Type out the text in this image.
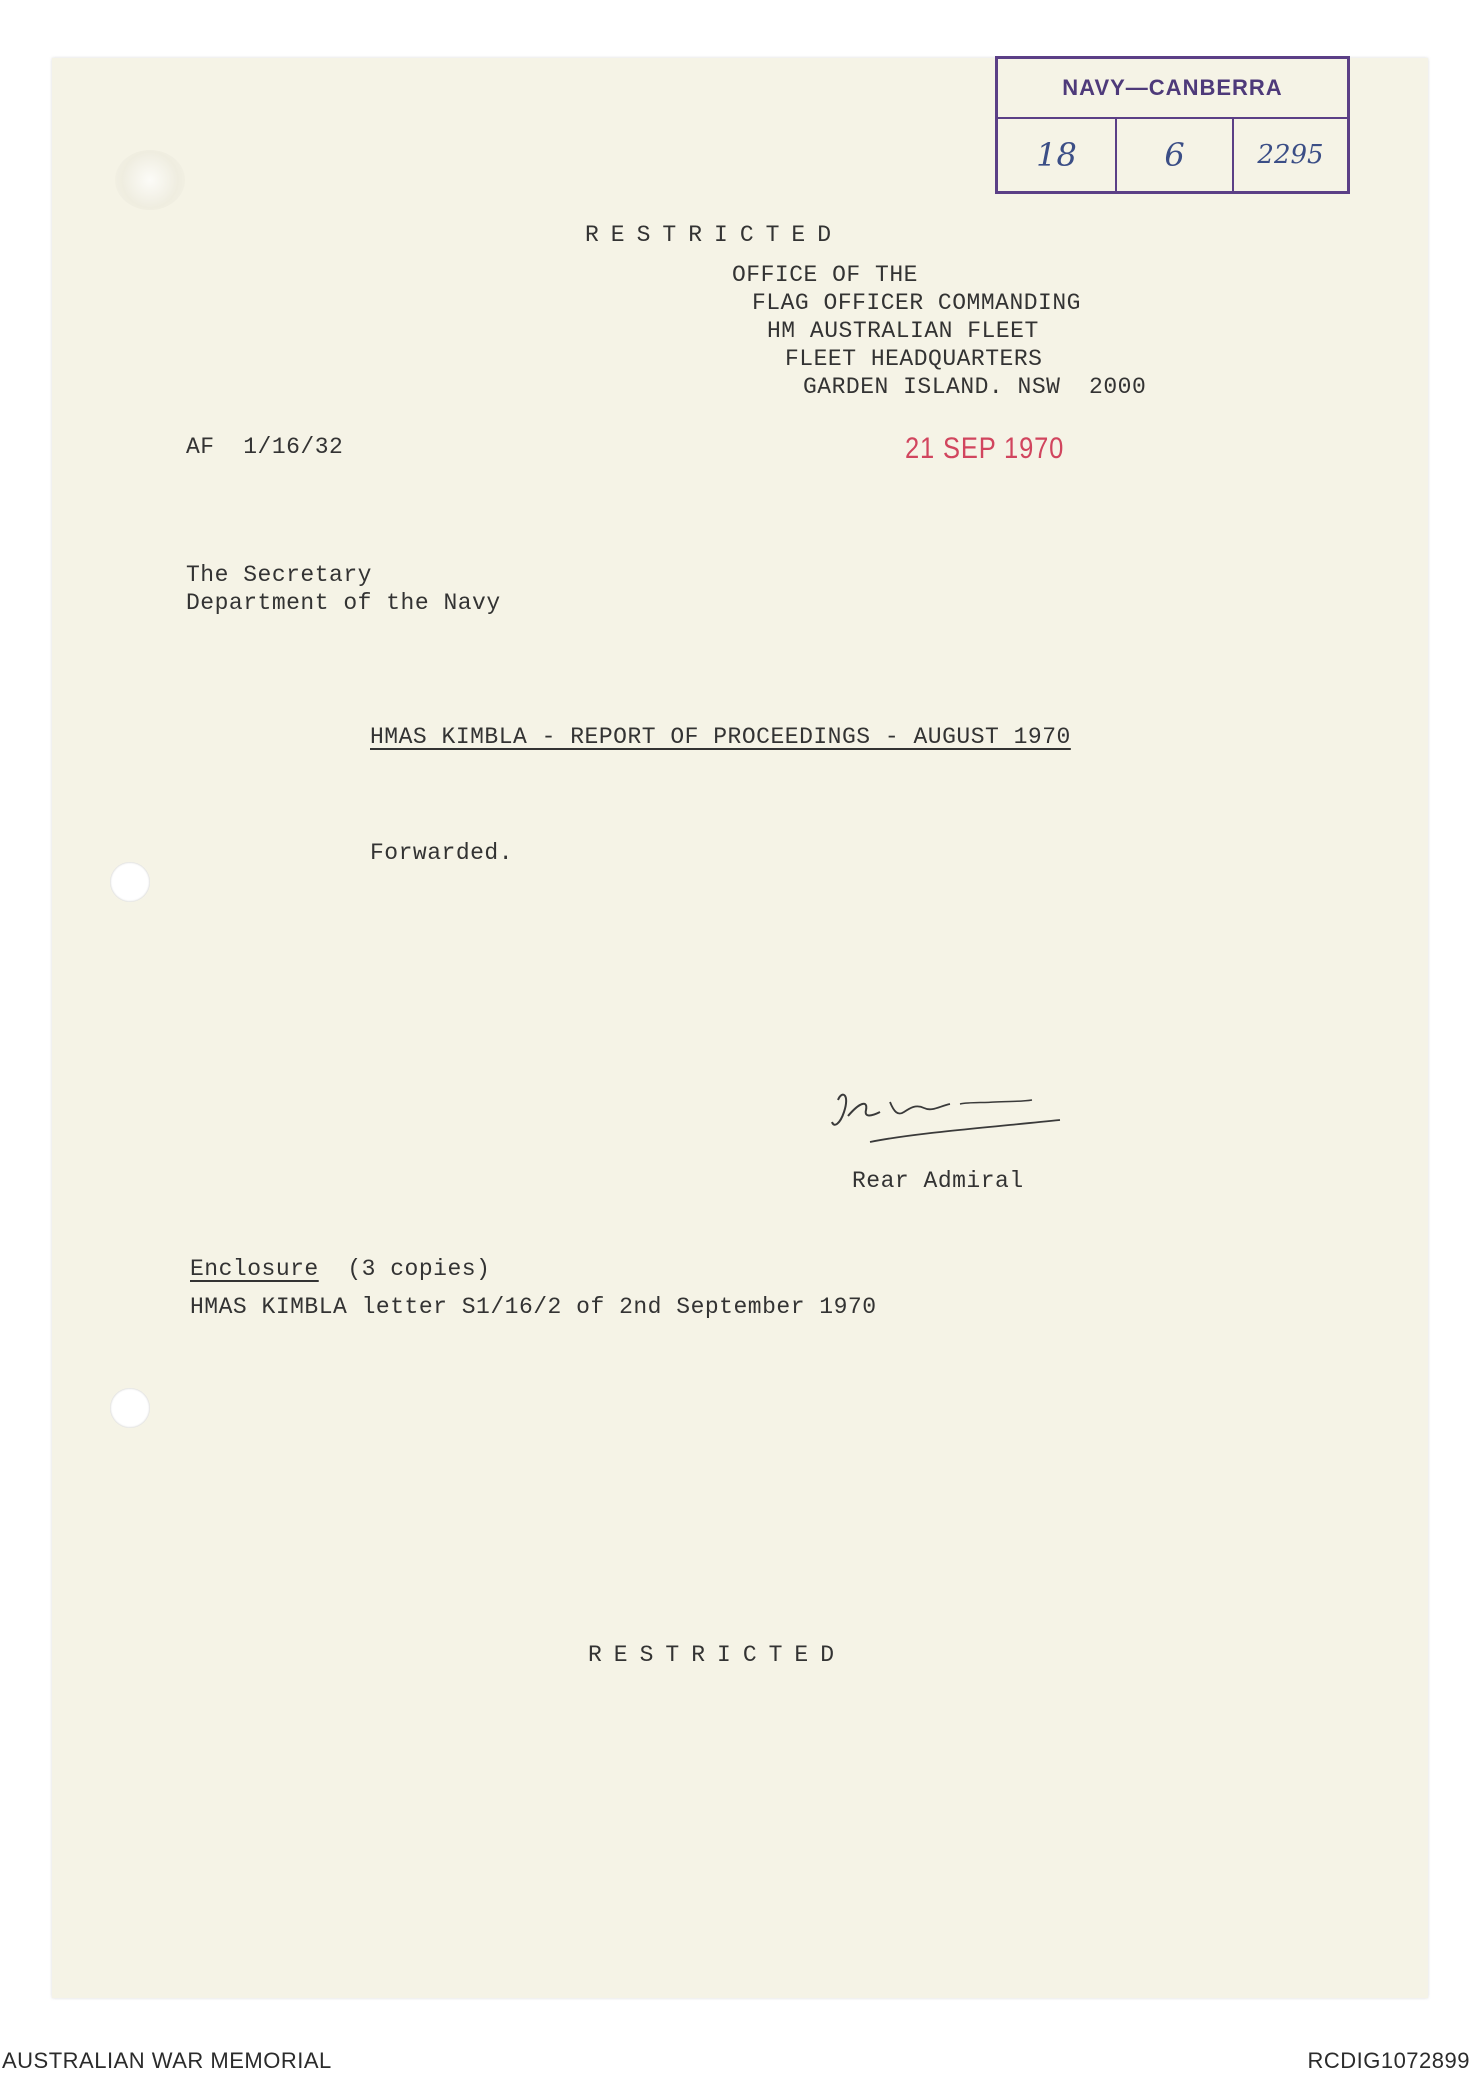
NAVY—CANBERRA
18	6	2295
RESTRICTED
OFFICE OF THE
FLAG OFFICER COMMANDING
HM AUSTRALIAN FLEET
FLEET HEADQUARTERS
GARDEN ISLAND. NSW  2000
AF  1/16/32	21 SEP 1970
The Secretary
Department of the Navy
HMAS KIMBLA - REPORT OF PROCEEDINGS - AUGUST 1970
Forwarded.
Rear Admiral
Enclosure (3 copies)
HMAS KIMBLA letter S1/16/2 of 2nd September 1970
RESTRICTED
AUSTRALIAN WAR MEMORIAL	RCDIG1072899
